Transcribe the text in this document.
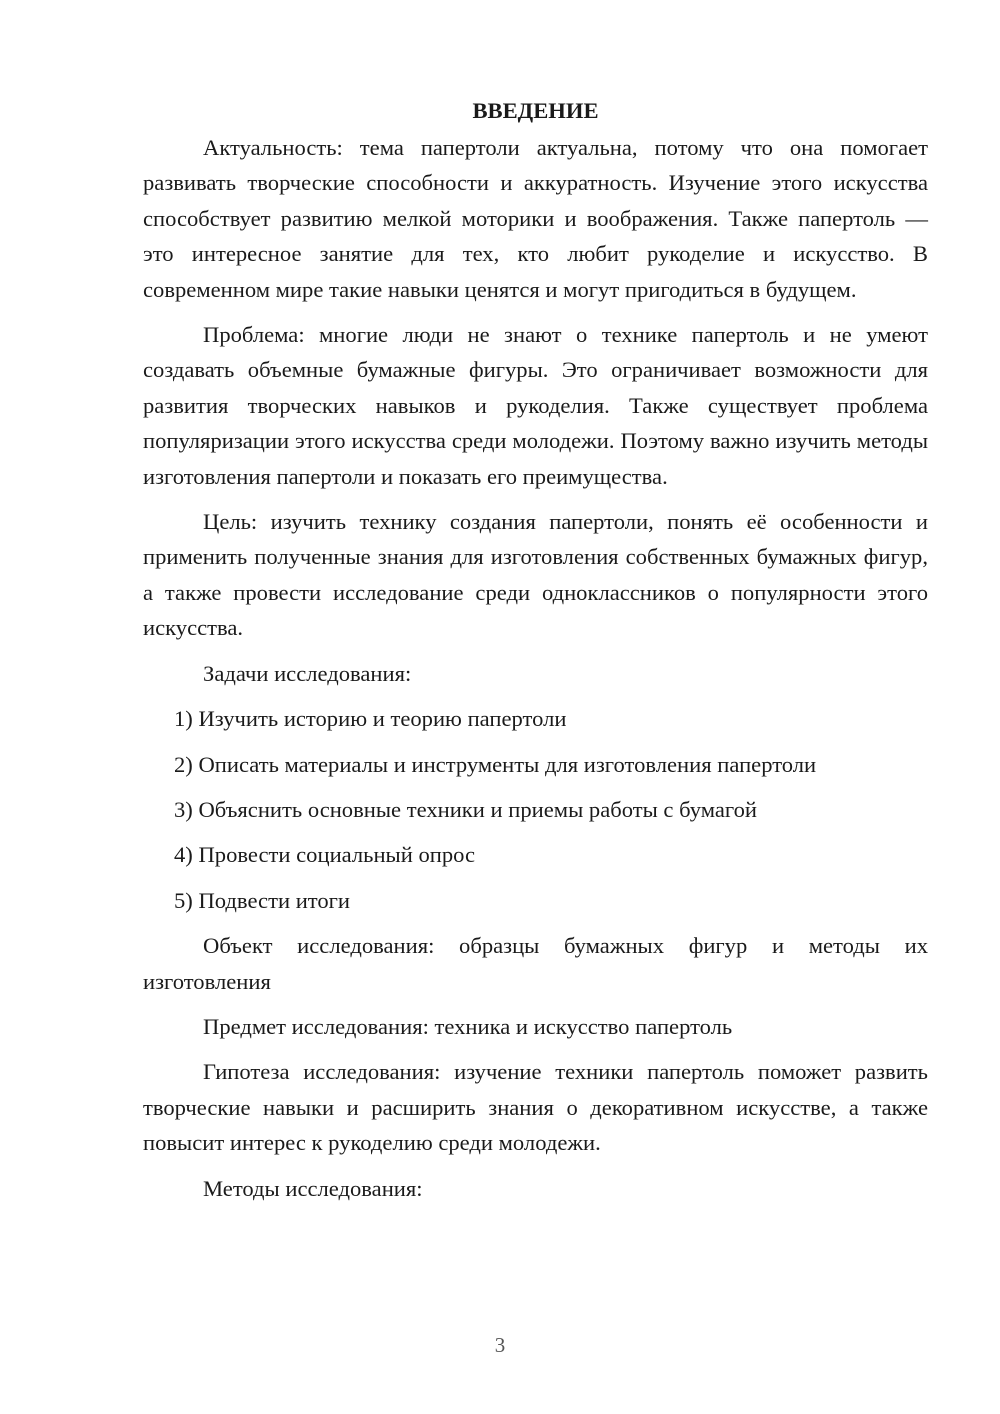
ВВЕДЕНИЕ

Актуальность: тема папертоли актуальна, потому что она помогает развивать творческие способности и аккуратность. Изучение этого искусства способствует развитию мелкой моторики и воображения. Также папертоль — это интересное занятие для тех, кто любит рукоделие и искусство. В современном мире такие навыки ценятся и могут пригодиться в будущем.

Проблема: многие люди не знают о технике папертоль и не умеют создавать объемные бумажные фигуры. Это ограничивает возможности для развития творческих навыков и рукоделия. Также существует проблема популяризации этого искусства среди молодежи. Поэтому важно изучить методы изготовления папертоли и показать его преимущества.

Цель: изучить технику создания папертоли, понять её особенности и применить полученные знания для изготовления собственных бумажных фигур, а также провести исследование среди одноклассников о популярности этого искусства.

Задачи исследования:

1) Изучить историю и теорию папертоли
2) Описать материалы и инструменты для изготовления папертоли
3) Объяснить основные техники и приемы работы с бумагой
4) Провести социальный опрос
5) Подвести итоги

Объект исследования: образцы бумажных фигур и методы их изготовления

Предмет исследования: техника и искусство папертоль

Гипотеза исследования: изучение техники папертоль поможет развить творческие навыки и расширить знания о декоративном искусстве, а также повысит интерес к рукоделию среди молодежи.

Методы исследования:

3
